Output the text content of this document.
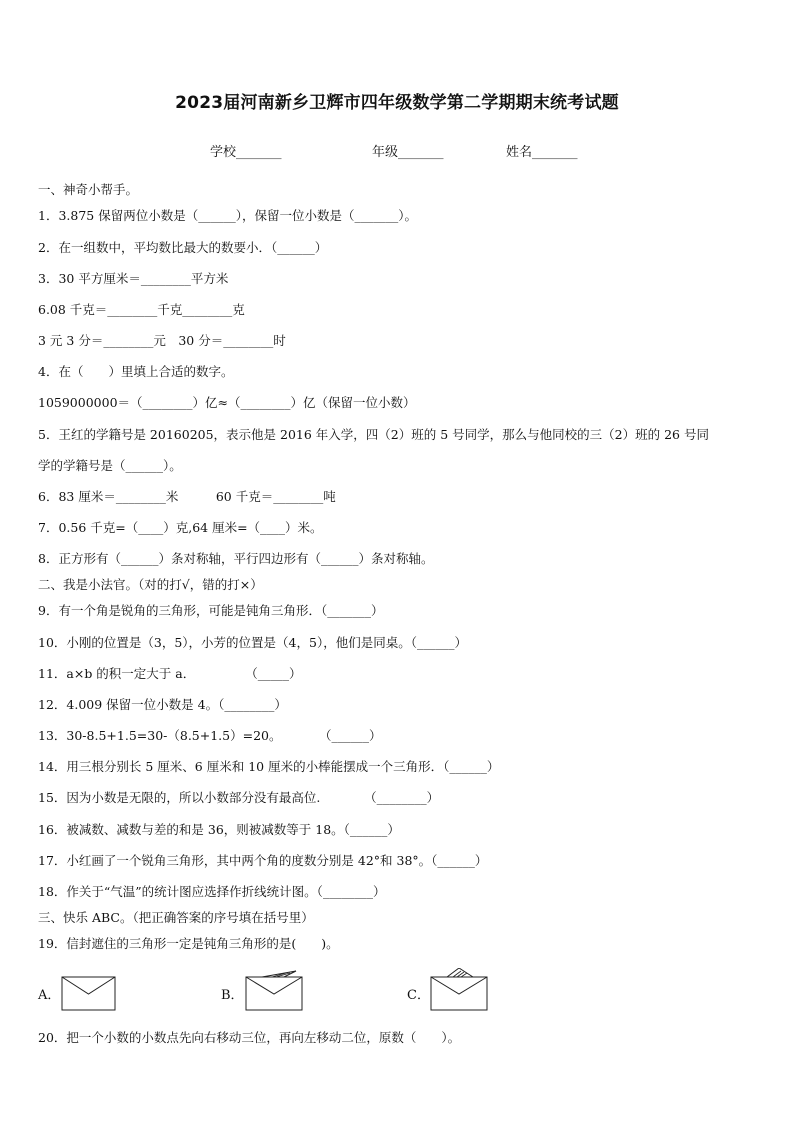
2023届河南新乡卫辉市四年级数学第二学期期末统考试题
学校_______	年级_______	姓名_______
一、神奇小帮手。
1．3.875 保留两位小数是（______），保留一位小数是（_______）。
2．在一组数中，平均数比最大的数要小．（______）
3．30 平方厘米＝________平方米
6.08 千克＝________千克________克
3 元 3 分＝________元　30 分＝________时
4．在（　　）里填上合适的数字。
1059000000＝（________）亿≈（________）亿（保留一位小数）
5．王红的学籍号是 20160205，表示他是 2016 年入学，四（2）班的 5 号同学，那么与他同校的三（2）班的 26 号同
学的学籍号是（______）。
6．83 厘米＝________米　　　60 千克＝________吨
7．0.56 千克=（____）克,64 厘米=（____）米。
8．正方形有（______）条对称轴，平行四边形有（______）条对称轴。
二、我是小法官。（对的打√，错的打×）
9．有一个角是锐角的三角形，可能是钝角三角形．（_______）
10．小刚的位置是（3，5），小芳的位置是（4，5），他们是同桌。（______）
11．a×b 的积一定大于 a．　　　　　（_____）
12．4.009 保留一位小数是 4。（________）
13．30-8.5+1.5=30-（8.5+1.5）=20。　　　　（______）
14．用三根分别长 5 厘米、6 厘米和 10 厘米的小棒能摆成一个三角形．（______）
15．因为小数是无限的，所以小数部分没有最高位.　　　　（________）
16．被减数、减数与差的和是 36，则被减数等于 18。（______）
17．小红画了一个锐角三角形，其中两个角的度数分别是 42°和 38°。（______）
18．作关于“气温”的统计图应选择作折线统计图。（________）
三、快乐 ABC。（把正确答案的序号填在括号里）
19．信封遮住的三角形一定是钝角三角形的是(　　)。
A．	B．	C．
20．把一个小数的小数点先向右移动三位，再向左移动二位，原数（　　）。
